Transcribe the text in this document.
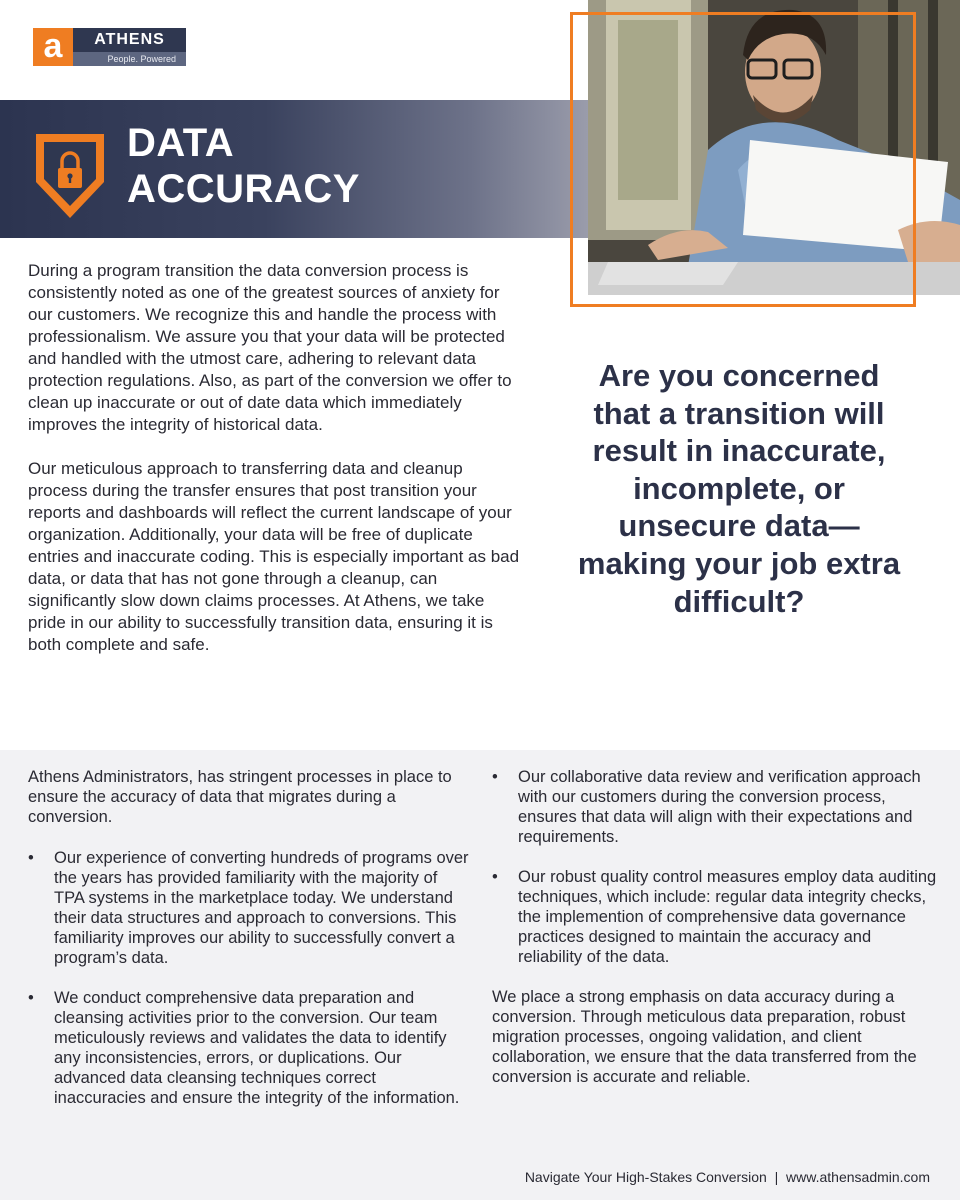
a	ATHENS
People. Powered
DATA
ACCURACY

During a program transition the data conversion process is consistently noted as one of the greatest sources of anxiety for our customers. We recognize this and handle the process with professionalism. We assure you that your data will be protected and handled with the utmost care, adhering to relevant data protection regulations. Also, as part of the conversion we offer to clean up inaccurate or out of date data which immediately improves the integrity of historical data.

Our meticulous approach to transferring data and cleanup process during the transfer ensures that post transition your reports and dashboards will reflect the current landscape of your organization. Additionally, your data will be free of duplicate entries and inaccurate coding. This is especially important as bad data, or data that has not gone through a cleanup, can significantly slow down claims processes. At Athens, we take pride in our ability to successfully transition data, ensuring it is both complete and safe.

Are you concerned that a transition will result in inaccurate, incomplete, or unsecure data—making your job extra difficult?
Athens Administrators, has stringent processes in place to ensure the accuracy of data that migrates during a conversion.
• Our experience of converting hundreds of programs over the years has provided familiarity with the majority of TPA systems in the marketplace today. We understand their data structures and approach to conversions. This familiarity improves our ability to successfully convert a program’s data.
• We conduct comprehensive data preparation and cleansing activities prior to the conversion. Our team meticulously reviews and validates the data to identify any inconsistencies, errors, or duplications. Our advanced data cleansing techniques correct inaccuracies and ensure the integrity of the information.
• Our collaborative data review and verification approach with our customers during the conversion process, ensures that data will align with their expectations and requirements.
• Our robust quality control measures employ data auditing techniques, which include: regular data integrity checks, the implemention of comprehensive data governance practices designed to maintain the accuracy and reliability of the data.
We place a strong emphasis on data accuracy during a conversion. Through meticulous data preparation, robust migration processes, ongoing validation, and client collaboration, we ensure that the data transferred from the conversion is accurate and reliable.
Navigate Your High-Stakes Conversion | www.athensadmin.com
